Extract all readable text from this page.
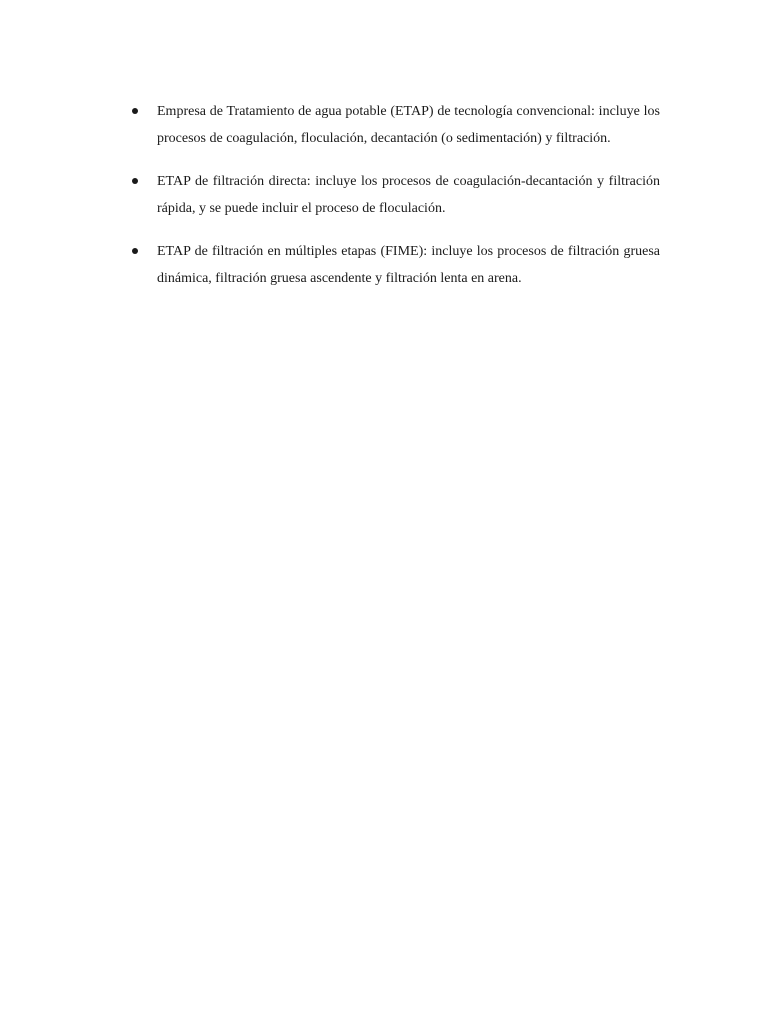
Empresa de Tratamiento de agua potable (ETAP) de tecnología convencional: incluye los procesos de coagulación, floculación, decantación (o sedimentación) y filtración.
ETAP de filtración directa: incluye los procesos de coagulación-decantación y filtración rápida, y se puede incluir el proceso de floculación.
ETAP de filtración en múltiples etapas (FIME): incluye los procesos de filtración gruesa dinámica, filtración gruesa ascendente y filtración lenta en arena.
